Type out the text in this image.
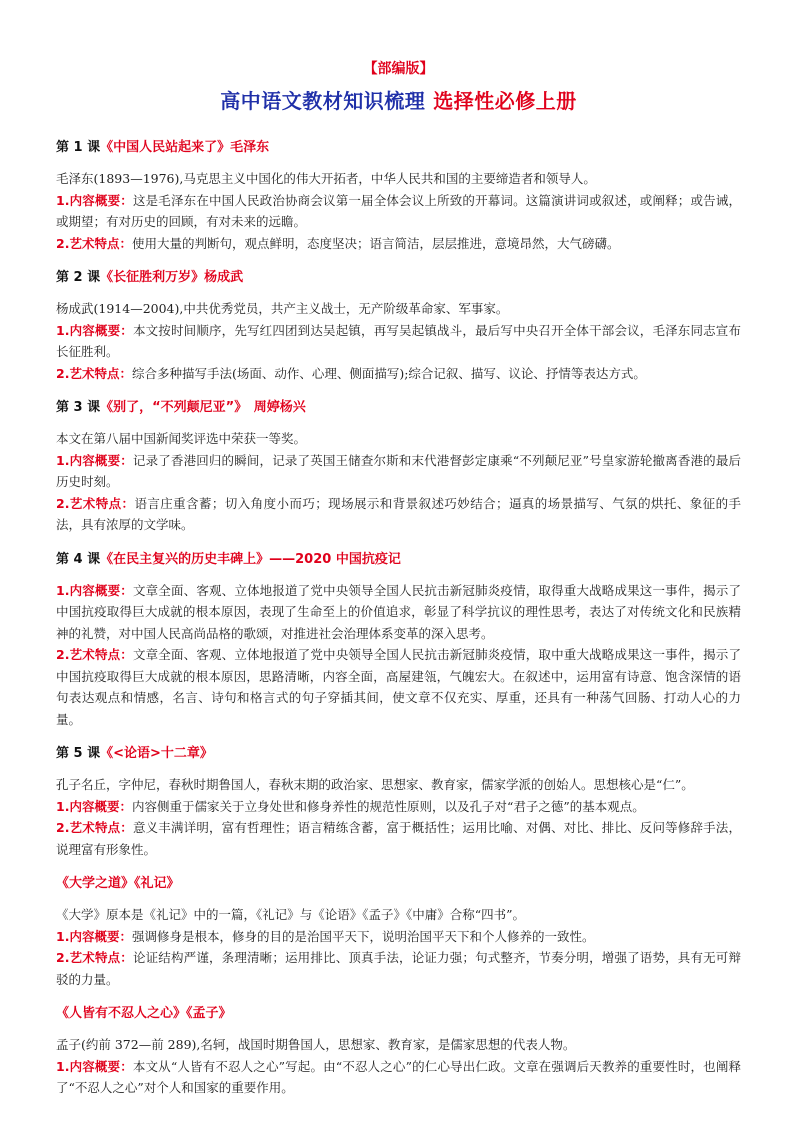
【部编版】
高中语文教材知识梳理 选择性必修上册
第 1 课《中国人民站起来了》毛泽东

毛泽东(1893—1976),马克思主义中国化的伟大开拓者，中华人民共和国的主要缔造者和领导人。

1.内容概要：这是毛泽东在中国人民政治协商会议第一届全体会议上所致的开幕词。这篇演讲词或叙述，或阐释；或告诫，或期望；有对历史的回顾，有对未来的远瞻。

2.艺术特点：使用大量的判断句，观点鲜明，态度坚决；语言简洁，层层推进，意境昂然，大气磅礴。

第 2 课《长征胜利万岁》杨成武

杨成武(1914—2004),中共优秀党员，共产主义战士，无产阶级革命家、军事家。

1.内容概要：本文按时间顺序，先写红四团到达吴起镇，再写吴起镇战斗，最后写中央召开全体干部会议，毛泽东同志宣布长征胜利。

2.艺术特点：综合多种描写手法(场面、动作、心理、侧面描写);综合记叙、描写、议论、抒情等表达方式。

第 3 课《别了，“不列颠尼亚”》　周婷杨兴

本文在第八届中国新闻奖评选中荣获一等奖。

1.内容概要：记录了香港回归的瞬间，记录了英国王储查尔斯和末代港督彭定康乘“不列颠尼亚”号皇家游轮撤离香港的最后历史时刻。

2.艺术特点：语言庄重含蓄；切入角度小而巧；现场展示和背景叙述巧妙结合；逼真的场景描写、气氛的烘托、象征的手法，具有浓厚的文学味。

第 4 课《在民主复兴的历史丰碑上》——2020 中国抗疫记

1.内容概要：文章全面、客观、立体地报道了党中央领导全国人民抗击新冠肺炎疫情，取得重大战略成果这一事件，揭示了中国抗疫取得巨大成就的根本原因，表现了生命至上的价值追求，彰显了科学抗议的理性思考，表达了对传统文化和民族精神的礼赞，对中国人民高尚品格的歌颂，对推进社会治理体系变革的深入思考。

2.艺术特点：文章全面、客观、立体地报道了党中央领导全国人民抗击新冠肺炎疫情，取中重大战略成果这一事件，揭示了中国抗疫取得巨大成就的根本原因，思路清晰，内容全面，高屋建瓴，气魄宏大。在叙述中，运用富有诗意、饱含深情的语句表达观点和情感，名言、诗句和格言式的句子穿插其间，使文章不仅充实、厚重，还具有一种荡气回肠、打动人心的力量。

第 5 课《<论语>十二章》

孔子名丘，字仲尼，春秋时期鲁国人，春秋末期的政治家、思想家、教育家，儒家学派的创始人。思想核心是“仁”。

1.内容概要：内容侧重于儒家关于立身处世和修身养性的规范性原则，以及孔子对“君子之德”的基本观点。

2.艺术特点：意义丰满详明，富有哲理性；语言精练含蓄，富于概括性；运用比喻、对偶、对比、排比、反问等修辞手法，说理富有形象性。

《大学之道》《礼记》

《大学》原本是《礼记》中的一篇，《礼记》与《论语》《孟子》《中庸》合称“四书”。

1.内容概要：强调修身是根本，修身的目的是治国平天下，说明治国平天下和个人修养的一致性。

2.艺术特点：论证结构严谨，条理清晰；运用排比、顶真手法，论证力强；句式整齐，节奏分明，增强了语势，具有无可辩驳的力量。

《人皆有不忍人之心》《孟子》

孟子(约前 372—前 289),名轲，战国时期鲁国人，思想家、教育家，是儒家思想的代表人物。

1.内容概要：本文从“人皆有不忍人之心”写起。由“不忍人之心”的仁心导出仁政。文章在强调后天教养的重要性时，也阐释了“不忍人之心”对个人和国家的重要作用。
